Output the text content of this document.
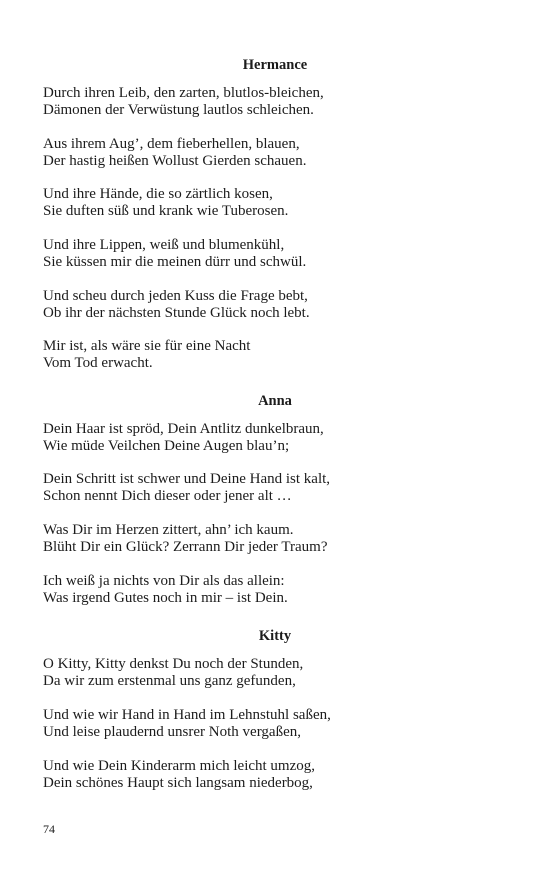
Hermance

Durch ihren Leib, den zarten, blutlos-bleichen,
Dämonen der Verwüstung lautlos schleichen.

Aus ihrem Aug’, dem fieberhellen, blauen,
Der hastig heißen Wollust Gierden schauen.

Und ihre Hände, die so zärtlich kosen,
Sie duften süß und krank wie Tuberosen.

Und ihre Lippen, weiß und blumenkühl,
Sie küssen mir die meinen dürr und schwül.

Und scheu durch jeden Kuss die Frage bebt,
Ob ihr der nächsten Stunde Glück noch lebt.

Mir ist, als wäre sie für eine Nacht
Vom Tod erwacht.

Anna

Dein Haar ist spröd, Dein Antlitz dunkelbraun,
Wie müde Veilchen Deine Augen blau’n;

Dein Schritt ist schwer und Deine Hand ist kalt,
Schon nennt Dich dieser oder jener alt …

Was Dir im Herzen zittert, ahn’ ich kaum.
Blüht Dir ein Glück? Zerrann Dir jeder Traum?

Ich weiß ja nichts von Dir als das allein:
Was irgend Gutes noch in mir – ist Dein.

Kitty

O Kitty, Kitty denkst Du noch der Stunden,
Da wir zum erstenmal uns ganz gefunden,

Und wie wir Hand in Hand im Lehnstuhl saßen,
Und leise plaudernd unsrer Noth vergaßen,

Und wie Dein Kinderarm mich leicht umzog,
Dein schönes Haupt sich langsam niederbog,

74
